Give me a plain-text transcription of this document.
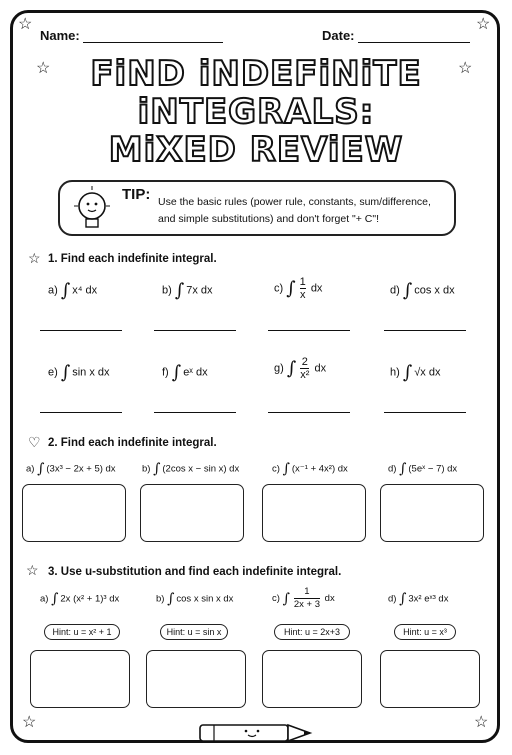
☆	☆
☆	☆
☆	☆
Name:	Date:
FiND iNDEFiNiTE
iNTEGRALS:
MiXED REViEW
TIP: Use the basic rules (power rule, constants, sum/difference, and simple substitutions) and don't forget "+ C"!
☆ 1. Find each indefinite integral.
a) ∫ x⁴ dx	b) ∫ 7x dx	c) ∫ $\frac{1}{x}$ dx	d) ∫ cos x dx
e) ∫ sin x dx	f) ∫ eˣ dx	g) ∫ $\frac{2}{\text{x²}}$ dx	h) ∫ √x dx
♡ 2. Find each indefinite integral.
a) ∫ (3x³ − 2x + 5) dx	b) ∫ (2cos x − sin x) dx	c) ∫ (x⁻¹ + 4x²) dx	d) ∫ (5eˣ − 7) dx
☆ 3. Use u-substitution and find each indefinite integral.
a) ∫ 2x (x² + 1)³ dx	b) ∫ cos x sin x dx	c) ∫ $\frac{1}{2x + 3}$ dx	d) ∫ 3x² eˣ³ dx
Hint: u = x² + 1	Hint: u = sin x	Hint: u = 2x+3	Hint: u = x³
